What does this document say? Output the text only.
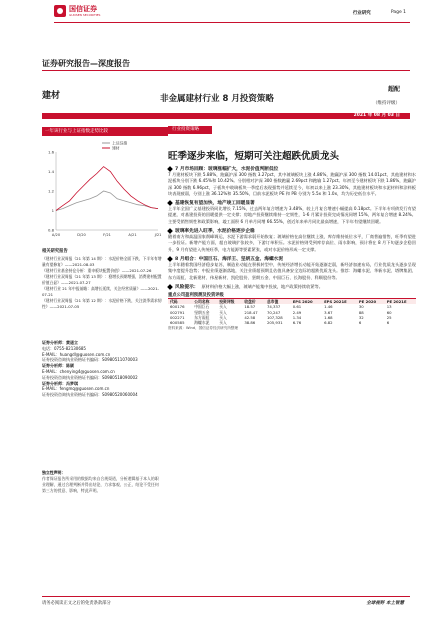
国信证券
GUOSEN SECURITIES	行业研究	Page 1
证券研究报告—深度报告
建材	非金属建材行业 8 月投资策略
超配
（维持评级）
2021 年 08 月 03 日
一年该行业与上证指数走势比较
上证综指
建材
1.6
1.4
1.2
1
0.8
A/20	D/20	F/21	A/21	J/21
相关研究报告
《建材行业双周报（21 年第 14 期）：水泥价格全面下跌，下半年有增量有望修复》——2021-08-03
《建材行业基金持仓分析：重申板块配置价值》——2021-07-26
《建材行业双周报（21 年第 13 期）：稳增长预期增强，消费建材配置价值凸显》——2021-07-27
《建材行业 21 年中报前瞻：高增长延续，关注经营质量》——2021-07-21
《建材行业双周报（21 年第 12 期）：水泥价格下跌，关注淡季需求韧性》——2021-07-05
证券分析师：黄道立
电话：0755-82130685
E-MAIL：huangdl@guosen.com.cn
证券投资咨询执业资格证书编码：S0980511070003
证券分析师：陈颖
E-MAIL：chenying4@guosen.com.cn
证券投资咨询执业资格证书编码：S0980518090002
证券分析师：冯梦琪
E-MAIL：fengmq@guosen.com.cn
证券投资咨询执业资格证书编码：S0980520060004
独立性声明：
作者保证报告所采用的数据均来自合规渠道，分析逻辑基于本人的职业理解，通过合理判断并得出结论，力求客观、公正，结论不受任何第三方的授意、影响，特此声明。
行业投资策略
旺季逐步来临，短期可关注超跌优质龙头
7 月市场回顾：玻璃涨幅扩大，水泥价值判断低位
7 月建材板块下跌 5.88%，跑赢沪深 300 指数 3.27pct，其中玻璃板块上涨 4.86%，跑赢沪深 300 指数 14.01pct，其他建材和水泥板块分别下跌 6.45%和 10.42%。分别相对沪深 300 指数跑赢 2.69pct 和跑输 1.27pct。年初至今建材板块下跌 1.86%，跑赢沪深 300 指数 6.96pct，子板块中玻璃板块一季度后表现强势并延续至今，年初以来上涨 23.30%，其他建材板块和水泥材料和涂料板块表现疲弱，分别上涨 36.12%和 35.50%，目前水泥板块 PE 和 PB 分别为 5.5x 和 1.0x，均为历史低位水平。
基建恢复有望加快，地产竣工回暖显著
上半年全国广义基建投资同比增长 7.15%，过去两年复合增速为 3.48%，较上月复合增速小幅提高 0.18pct。下半年专项债发行有望提速，对基建投资的回暖提供一定支撑；房地产投资继续维持一定韧性，1-6 月累计投资完成情况同增 15%，两年复合增速 8.24%。主要受销售韧性和政策影响，竣工面积 6 月单月同增 66.55%，创近年来单月同比最高增速，下半年有望继续回暖。
玻璃率先进入旺季，水泥价格逐步企稳
随着南方和高温国家削峰调运，水泥下游需求弱开始恢复；玻璃价格在高位继续上涨，库存维持低位水平，厂商普遍惜售，旺季有望进一步验证。新增产能方面，超白玻璃扩张较多，下游订单积压。水泥价格则受到库存高位、雨水影响，预计将在 8 月下旬逐步企稳回升，9 月有望进入传统旺季，电力能源等要素紧张，或对水泥价格形成一定支撑。
8 月组合：中国巨石、海洋王、坚朗五金、海螺水泥
上半年随着我国经济稳步复苏，制造业动能在积极转型中，传统经济增长动能开始逐渐走弱，新经济加速布局，行业优质龙头逐步呈现集中度提升趋势；中报业绩逐渐落地，关注业绩超预期且估值具备安全边际的超跌优质龙头。推荐：海螺水泥、华新水泥、塔牌集团、东方雨虹、北新建材、伟星新材、凯伦股份、坚朗五金、中国巨石、长海股份、科顺股份等。
风险提示： 原材料价格大幅上涨，玻璃产能集中投放，地产政策持续收紧等。
重点公司盈利预测及投资评级
代码	公司名称	投资评级	收盘价	总市值	EPS 2020	EPS 2021E	PE 2020	PE 2021E
600176	中国巨石	买入	18.57	74,337	0.61	1.46	30	13
002791	坚朗五金	买入	218.47	70,247	2.49	3.67	88	60
002271	东方雨虹	买入	42.58	107,328	1.34	1.68	32	25
600585	海螺水泥	买入	38.86	205,931	6.76	6.82	6	6
资料来源：Wind、国信证券经济研究所整理
请务必阅读正文之后的免责条款部分	全球视野 本土智慧
